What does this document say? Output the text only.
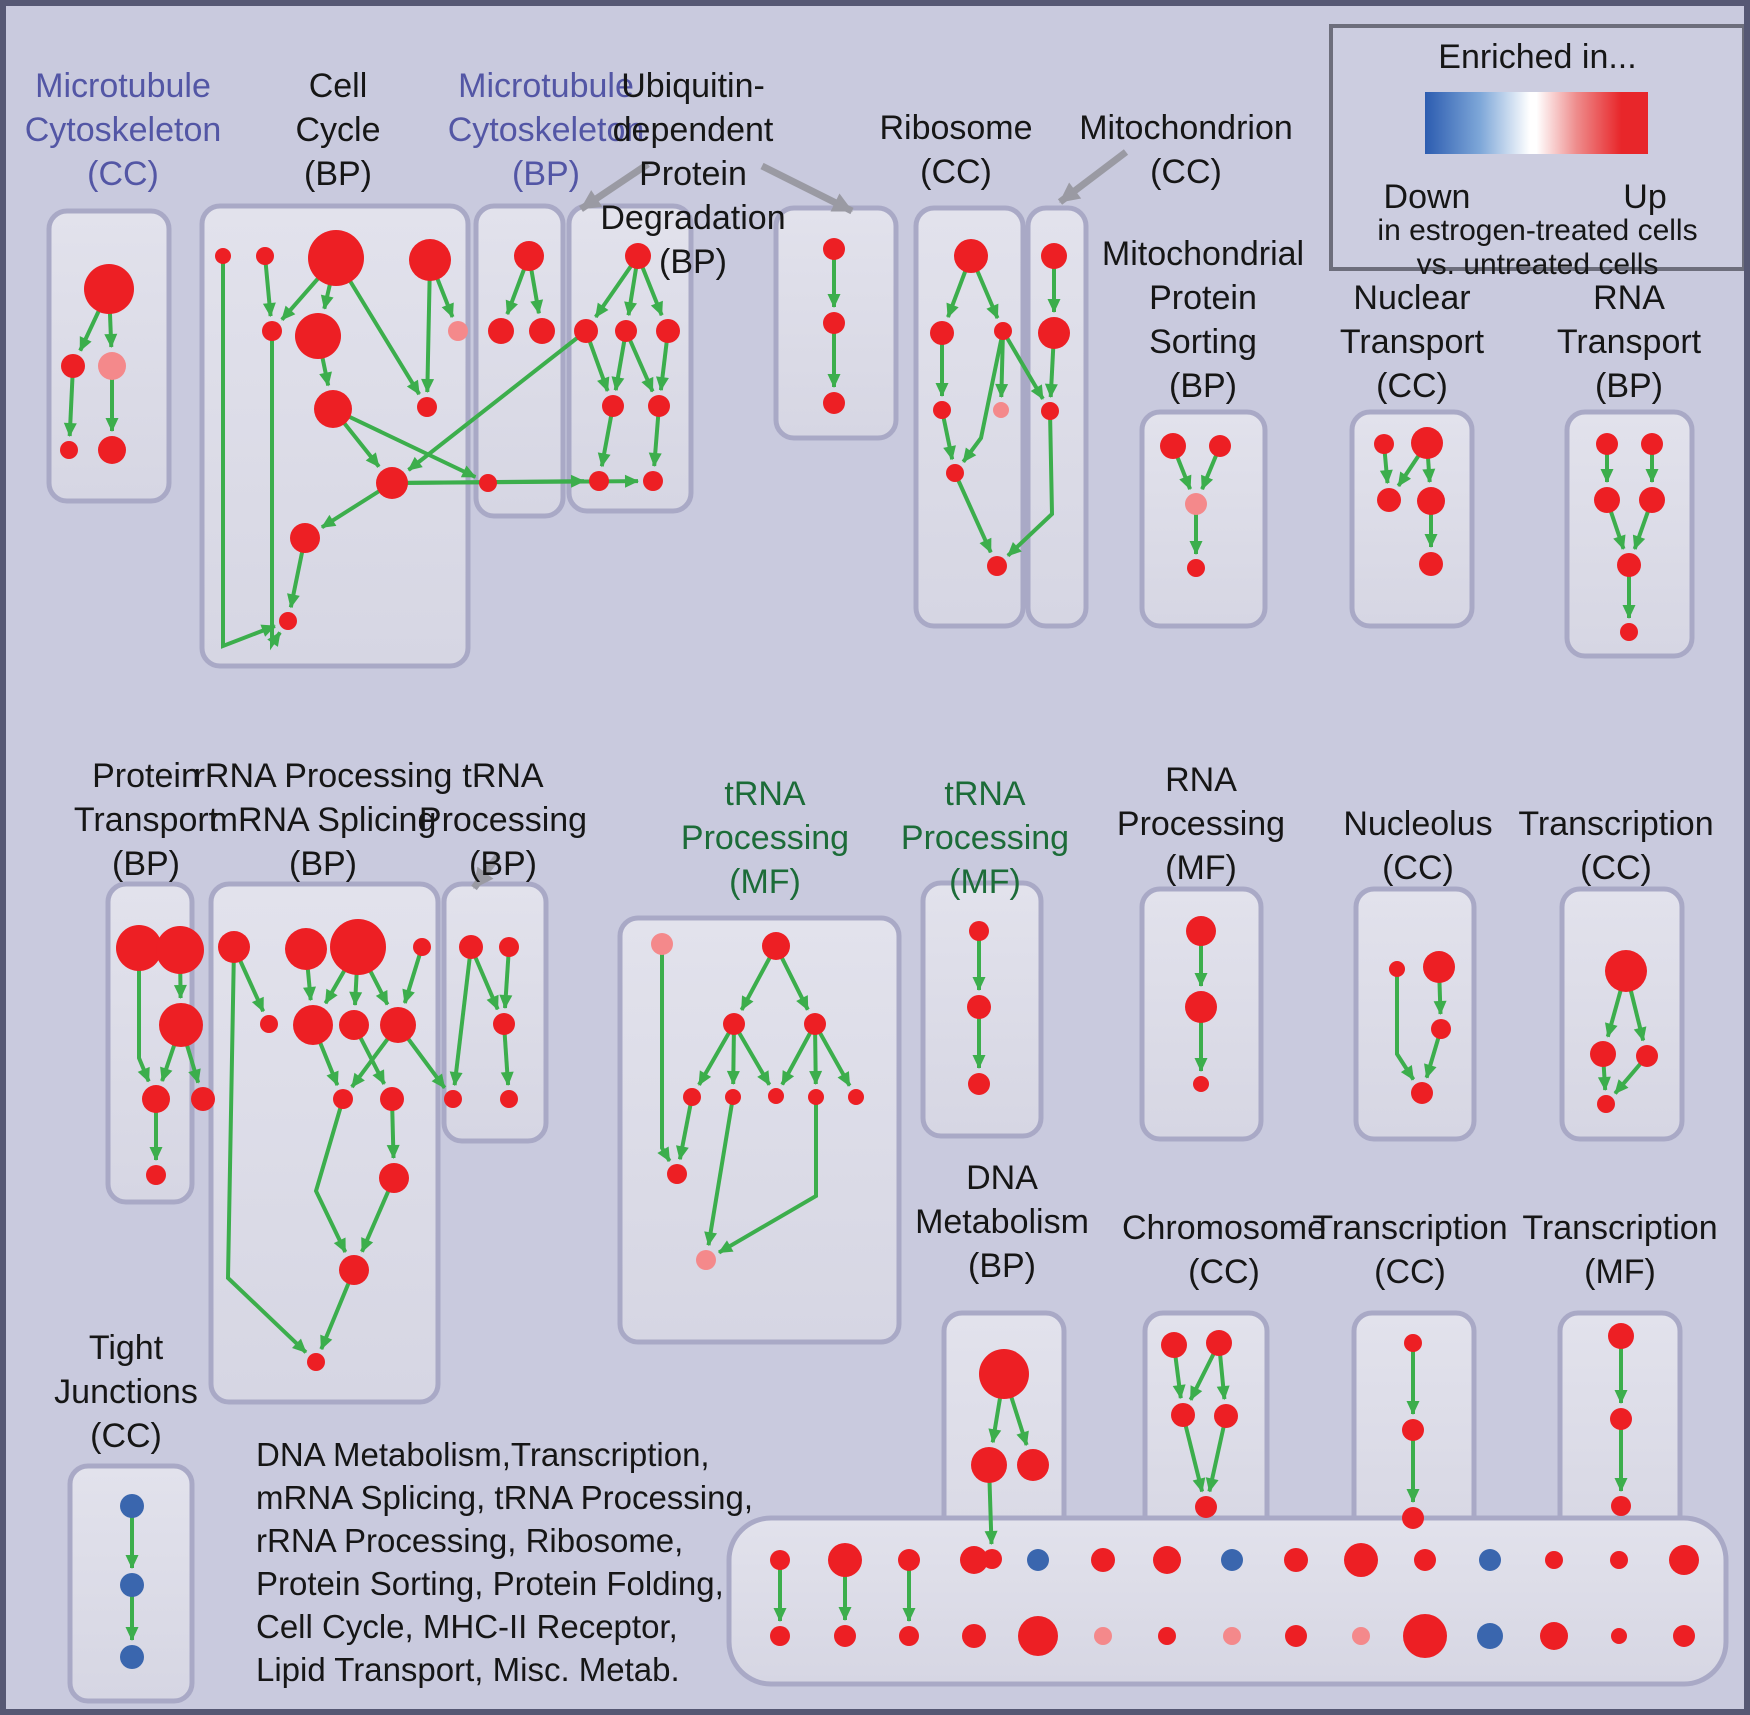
Microtubule
Cytoskeleton
(CC)
Cell
Cycle
(BP)
Microtubule
Cytoskeleton
(BP)
Ubiquitin-
dependent
Protein
Degradation
(BP)
Ribosome
(CC)
Mitochondrion
(CC)
Mitochondrial
Protein
Sorting
(BP)
Nuclear
Transport
(CC)
RNA
Transport
(BP)
Protein
Transport
(BP)
rRNA Processing
mRNA Splicing
(BP)
tRNA
Processing
(BP)
tRNA
Processing
(MF)
tRNA
Processing
(MF)
RNA
Processing
(MF)
Nucleolus
(CC)
Transcription
(CC)
DNA
Metabolism
(BP)
Chromosome
(CC)
Transcription
(CC)
Transcription
(MF)
Tight
Junctions
(CC)	DNA Metabolism,Transcription,
mRNA Splicing, tRNA Processing,
rRNA Processing, Ribosome,
Protein Sorting, Protein Folding,
Cell Cycle, MHC-II Receptor,
Lipid Transport, Misc. Metab.
Enriched in...
Down	Up
in estrogen-treated cells
vs. untreated cells
